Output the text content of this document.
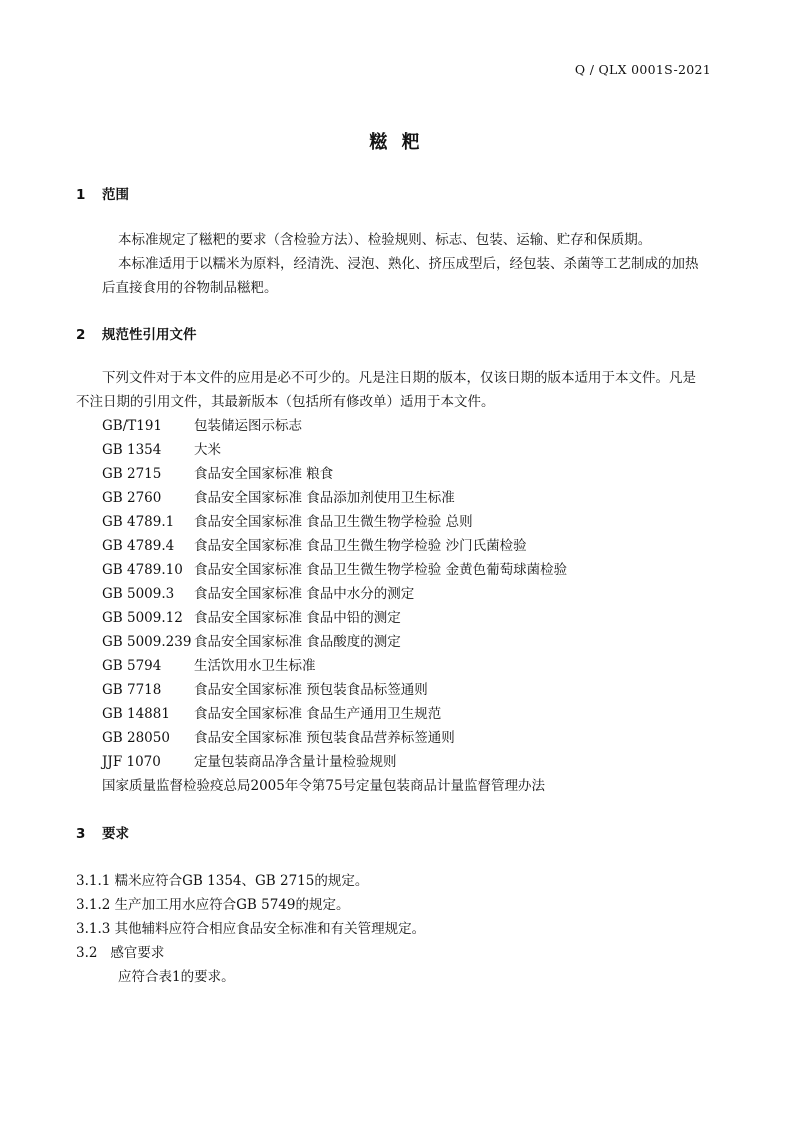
Q / QLX 0001S-2021
糍 粑
1 范围
本标准规定了糍粑的要求（含检验方法）、检验规则、标志、包装、运输、贮存和保质期。
本标准适用于以糯米为原料，经清洗、浸泡、熟化、挤压成型后，经包装、杀菌等工艺制成的加热
后直接食用的谷物制品糍粑。
2 规范性引用文件
下列文件对于本文件的应用是必不可少的。凡是注日期的版本，仅该日期的版本适用于本文件。凡是
不注日期的引用文件，其最新版本（包括所有修改单）适用于本文件。
GB/T191 包装储运图示标志
GB 1354 大米
GB 2715 食品安全国家标准 粮食
GB 2760 食品安全国家标准 食品添加剂使用卫生标准
GB 4789.1 食品安全国家标准 食品卫生微生物学检验 总则
GB 4789.4 食品安全国家标准 食品卫生微生物学检验 沙门氏菌检验
GB 4789.10 食品安全国家标准 食品卫生微生物学检验 金黄色葡萄球菌检验
GB 5009.3 食品安全国家标准 食品中水分的测定
GB 5009.12 食品安全国家标准 食品中铅的测定
GB 5009.239 食品安全国家标准 食品酸度的测定
GB 5794 生活饮用水卫生标准
GB 7718 食品安全国家标准 预包装食品标签通则
GB 14881 食品安全国家标准 食品生产通用卫生规范
GB 28050 食品安全国家标准 预包装食品营养标签通则
JJF 1070 定量包装商品净含量计量检验规则
国家质量监督检验疫总局2005年令第75号定量包装商品计量监督管理办法
3 要求
3.1.1 糯米应符合GB 1354、GB 2715的规定。
3.1.2 生产加工用水应符合GB 5749的规定。
3.1.3 其他辅料应符合相应食品安全标准和有关管理规定。
3.2   感官要求
应符合表1的要求。
